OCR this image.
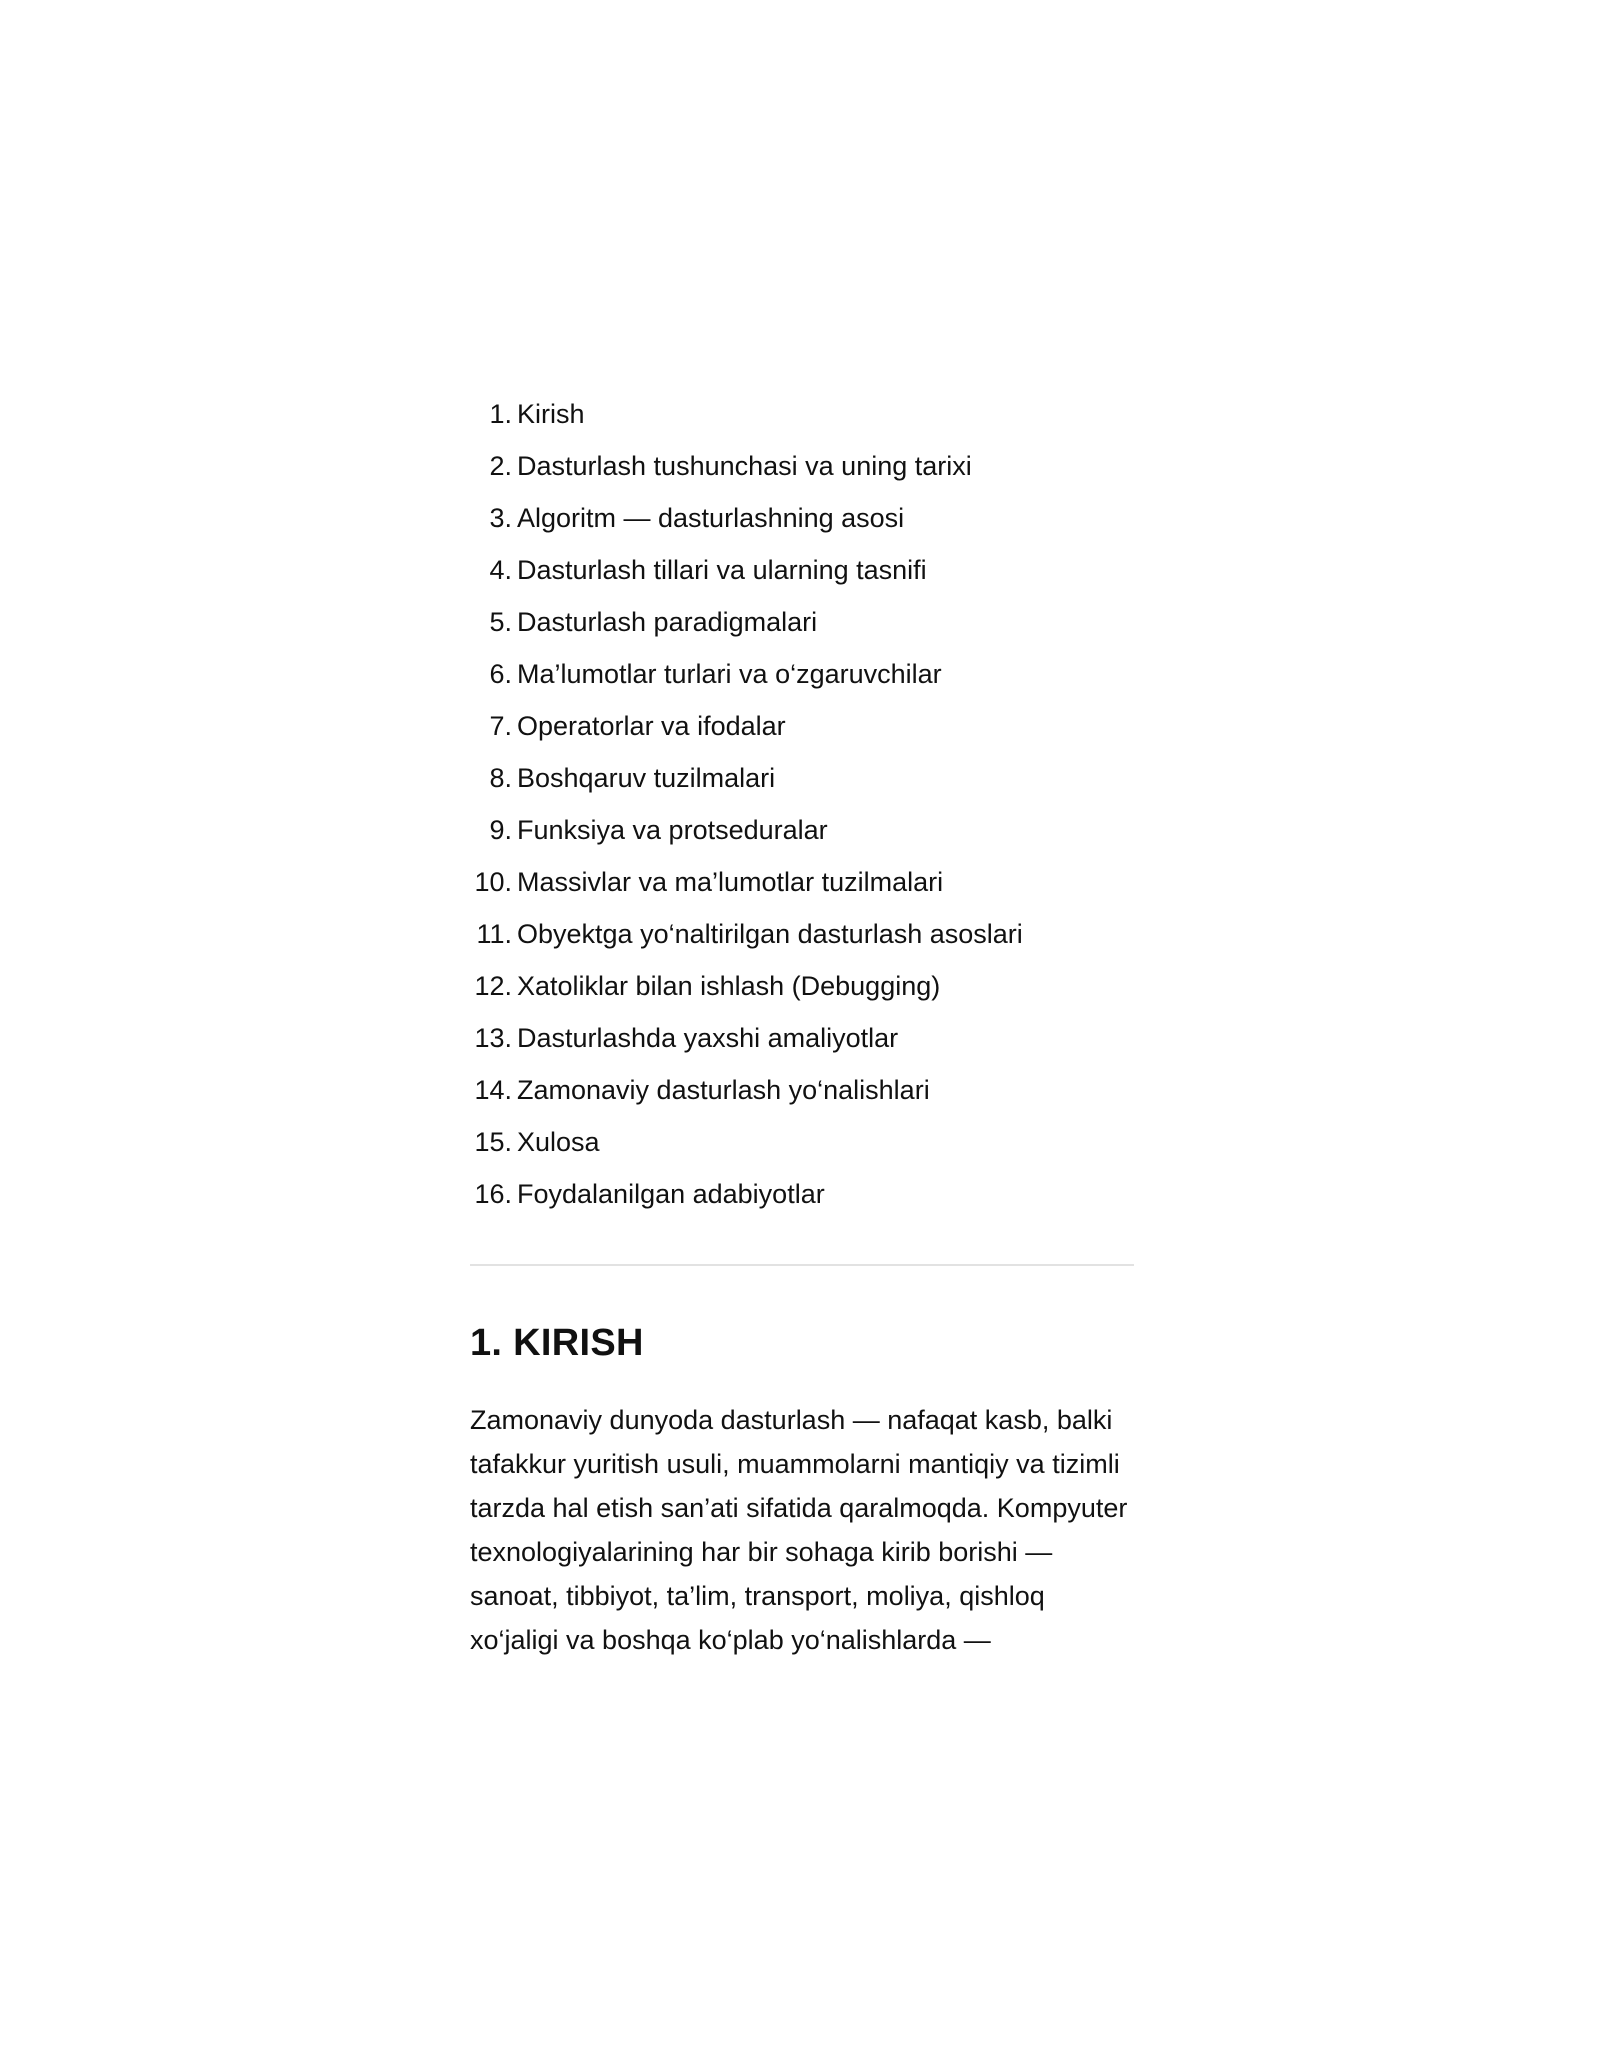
1. Kirish
2. Dasturlash tushunchasi va uning tarixi
3. Algoritm — dasturlashning asosi
4. Dasturlash tillari va ularning tasnifi
5. Dasturlash paradigmalari
6. Ma’lumotlar turlari va o‘zgaruvchilar
7. Operatorlar va ifodalar
8. Boshqaruv tuzilmalari
9. Funksiya va protseduralar
10. Massivlar va ma’lumotlar tuzilmalari
11. Obyektga yo‘naltirilgan dasturlash asoslari
12. Xatoliklar bilan ishlash (Debugging)
13. Dasturlashda yaxshi amaliyotlar
14. Zamonaviy dasturlash yo‘nalishlari
15. Xulosa
16. Foydalanilgan adabiyotlar
1. KIRISH

Zamonaviy dunyoda dasturlash — nafaqat kasb, balki tafakkur yuritish usuli, muammolarni mantiqiy va tizimli tarzda hal etish san’ati sifatida qaralmoqda. Kompyuter texnologiyalarining har bir sohaga kirib borishi — sanoat, tibbiyot, ta’lim, transport, moliya, qishloq xo‘jaligi va boshqa ko‘plab yo‘nalishlarda —
